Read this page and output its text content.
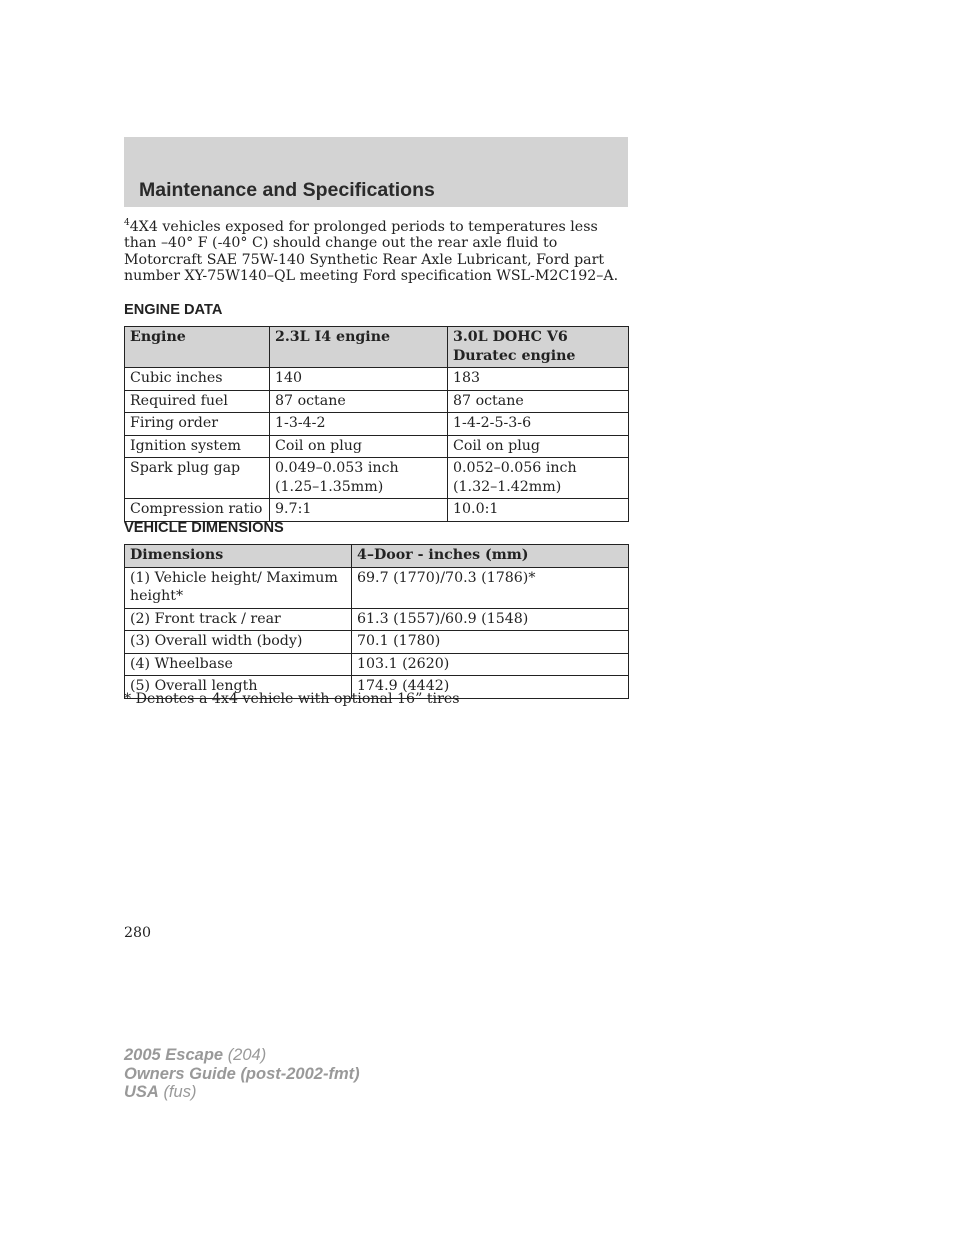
Maintenance and Specifications

$^4$4X4 vehicles exposed for prolonged periods to temperatures less than –40° F (-40° C) should change out the rear axle fluid to Motorcraft SAE 75W-140 Synthetic Rear Axle Lubricant, Ford part number XY-75W140–QL meeting Ford specification WSL-M2C192–A.

ENGINE DATA
Engine	2.3L I4 engine	3.0L DOHC V6 Duratec engine
Cubic inches	140	183
Required fuel	87 octane	87 octane
Firing order	1-3-4-2	1-4-2-5-3-6
Ignition system	Coil on plug	Coil on plug
Spark plug gap	0.049–0.053 inch (1.25–1.35mm)	0.052–0.056 inch (1.32–1.42mm)
Compression ratio	9.7:1	10.0:1
VEHICLE DIMENSIONS
Dimensions	4–Door - inches (mm)
(1) Vehicle height/ Maximum height*	69.7 (1770)/70.3 (1786)*
(2) Front track / rear	61.3 (1557)/60.9 (1548)
(3) Overall width (body)	70.1 (1780)
(4) Wheelbase	103.1 (2620)
(5) Overall length	174.9 (4442)

* Denotes a 4x4 vehicle with optional 16” tires

280
2005 Escape (204)
Owners Guide (post-2002-fmt)
USA (fus)
